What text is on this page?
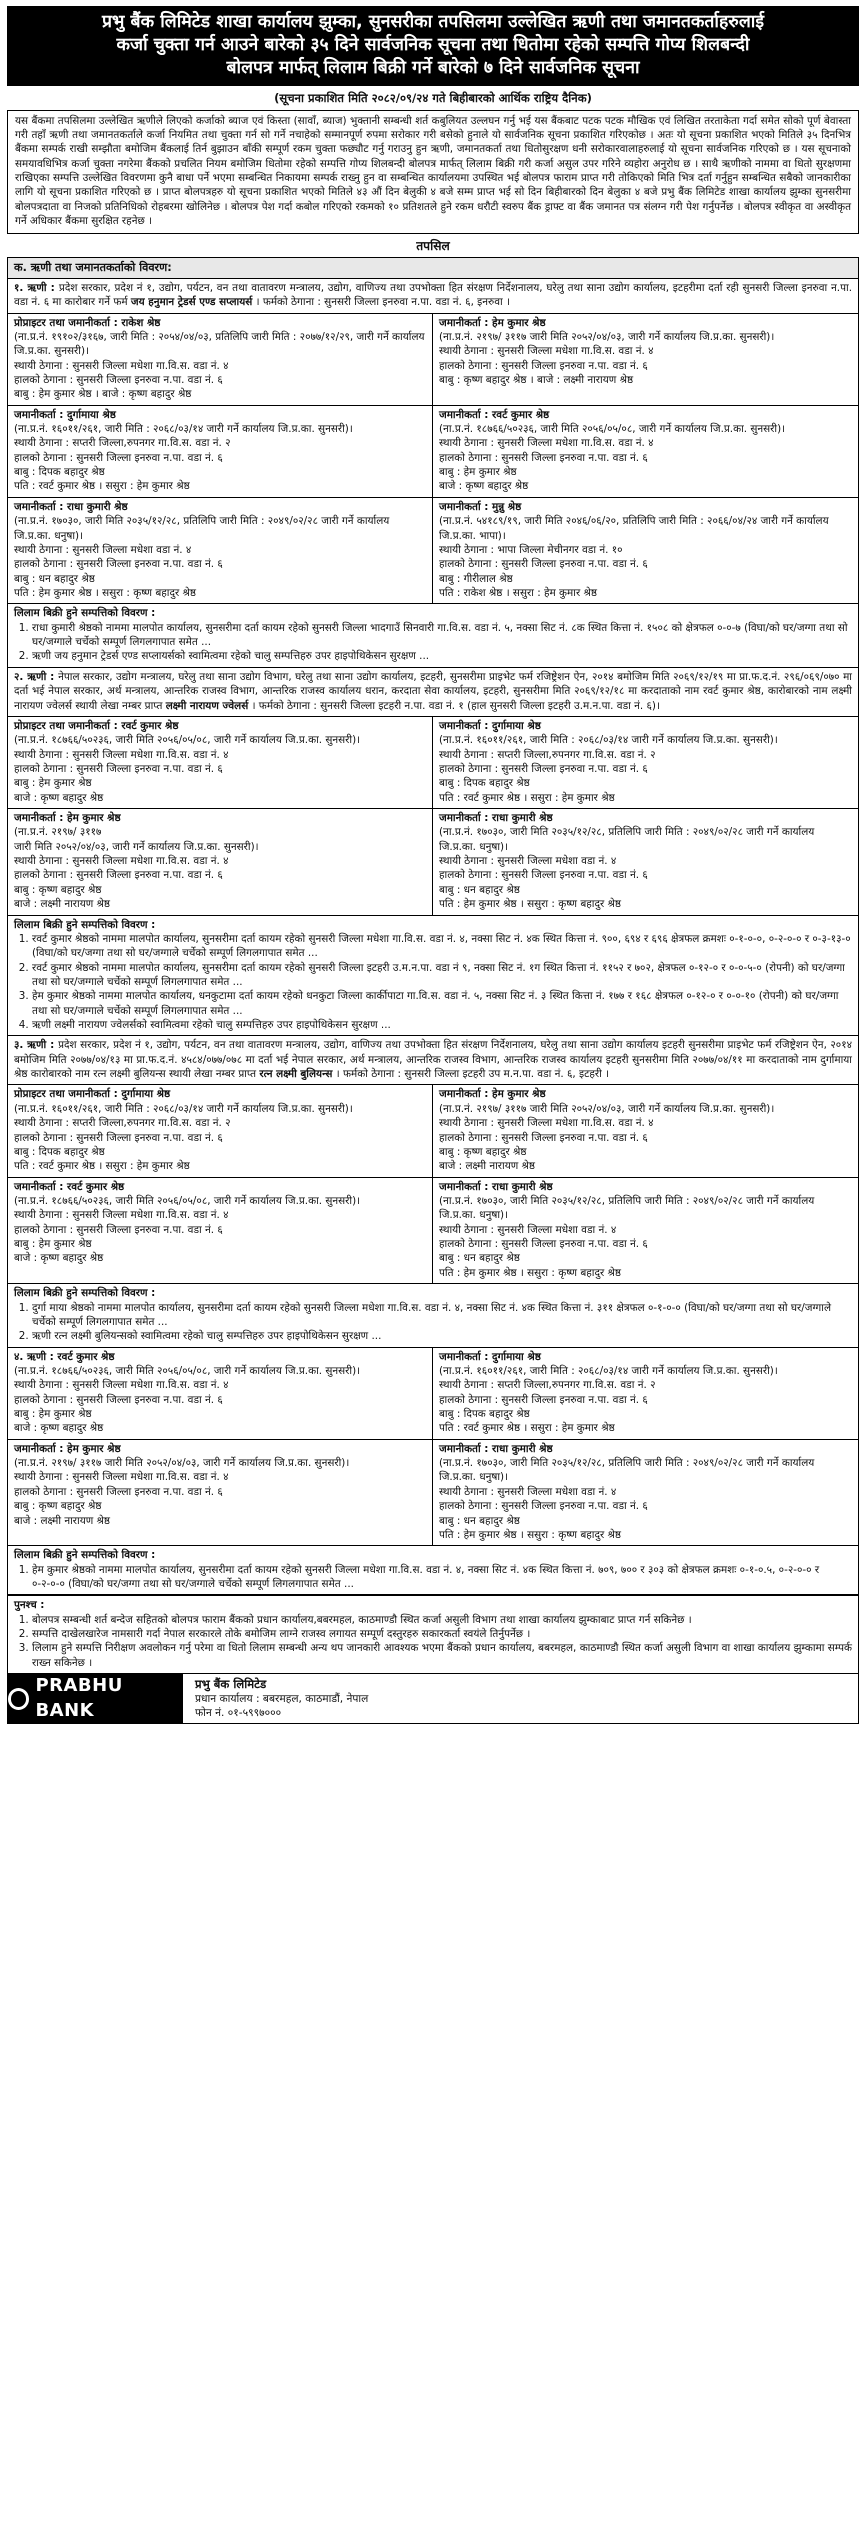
प्रभु बैंक लिमिटेड शाखा कार्यालय झुम्का, सुनसरीका तपसिलमा उल्लेखित ऋणी तथा जमानतकर्ताहरुलाई
कर्जा चुक्ता गर्न आउने बारेको ३५ दिने सार्वजनिक सूचना तथा धितोमा रहेको सम्पत्ति गोप्य शिलबन्दी
बोलपत्र मार्फत् लिलाम बिक्री गर्ने बारेको ७ दिने सार्वजनिक सूचना
(सूचना प्रकाशित मिति २०८२/०९/२४ गते बिहीबारको आर्थिक राष्ट्रिय दैनिक)

यस बैंकमा तपसिलमा उल्लेखित ऋणीले लिएको कर्जाको ब्याज एवं किस्ता (सावाँ, ब्याज) भुक्तानी सम्बन्धी शर्त कबुलियत उल्लघन गर्नु भई यस बैंकबाट पटक पटक मौखिक एवं लिखित तरताकेता गर्दा समेत सोको पूर्ण बेवास्ता गरी तहाँ ऋणी तथा जमानतकर्ताले कर्जा नियमित तथा चुक्ता गर्न सो गर्ने नचाहेको सम्मानपूर्ण रुपमा सरोकार गरी बसेको हुनाले यो सार्वजनिक सूचना प्रकाशित गरिएकोछ । अतः यो सूचना प्रकाशित भएको मितिले ३५ दिनभित्र बैंकमा सम्पर्क राखी सम्झौता बमोजिम बैंकलाई तिर्न बुझाउन बाँकी सम्पूर्ण रकम चुक्ता फछ्यौट गर्नु गराउनु हुन ऋणी, जमानतकर्ता तथा धितोसुरक्षण धनी सरोकारवालाहरुलाई यो सूचना सार्वजनिक गरिएको छ । यस सूचनाको समयावधिभित्र कर्जा चुक्ता नगरेमा बैंकको प्रचलित नियम बमोजिम धितोमा रहेको सम्पत्ति गोप्य शिलबन्दी बोलपत्र मार्फत् लिलाम बिक्री गरी कर्जा असुल उपर गरिने व्यहोरा अनुरोध छ । साथै ऋणीको नाममा वा धितो सुरक्षणमा राखिएका सम्पत्ति उल्लेखित विवरणमा कुनै बाधा पर्ने भएमा सम्बन्धित निकायमा सम्पर्क राख्नु हुन वा सम्बन्धित कार्यालयमा उपस्थित भई बोलपत्र फाराम प्राप्त गरी तोकिएको मिति भित्र दर्ता गर्नुहुन सम्बन्धित सबैको जानकारीका लागि यो सूचना प्रकाशित गरिएको छ । प्राप्त बोलपत्रहरु यो सूचना प्रकाशित भएको मितिले ४३ औं दिन बेलुकी ४ बजे सम्म प्राप्त भई सो दिन बिहीबारको दिन बेलुका ४ बजे प्रभु बैंक लिमिटेड शाखा कार्यालय झुम्का सुनसरीमा बोलपत्रदाता वा निजको प्रतिनिधिको रोहबरमा खोलिनेछ । बोलपत्र पेश गर्दा कबोल गरिएको रकमको १० प्रतिशतले हुने रकम धरौटी स्वरुप बैंक ड्राफ्ट वा बैंक जमानत पत्र संलग्न गरी पेश गर्नुपर्नेछ । बोलपत्र स्वीकृत वा अस्वीकृत गर्ने अधिकार बैंकमा सुरक्षित रहनेछ ।

तपसिल
क. ऋणी तथा जमानतकर्ताको विवरण:
१. ऋणी : प्रदेश सरकार, प्रदेश नं १, उद्योग, पर्यटन, वन तथा वातावरण मन्त्रालय, उद्योग, वाणिज्य तथा उपभोक्ता हित संरक्षण निर्देशनालय, घरेलु तथा साना उद्योग कार्यालय, इटहरीमा दर्ता रही सुनसरी जिल्ला इनरुवा न.पा. वडा नं. ६ मा कारोबार गर्ने फर्म जय हनुमान ट्रेडर्स एण्ड सप्लायर्स । फर्मको ठेगाना : सुनसरी जिल्ला इनरुवा न.पा. वडा नं. ६, इनरुवा ।
प्रोप्राइटर तथा जमानीकर्ता : राकेश श्रेष्ठ
(ना.प्र.नं. १९१०२/३१६७, जारी मिति : २०५४/०४/०३, प्रतिलिपि जारी मिति : २०७७/१२/२९, जारी गर्ने कार्यालय जि.प्र.का. सुनसरी)।
स्थायी ठेगाना : सुनसरी जिल्ला मधेशा गा.वि.स. वडा नं. ४
हालको ठेगाना : सुनसरी जिल्ला इनरुवा न.पा. वडा नं. ६
बाबु : हेम कुमार श्रेष्ठ । बाजे : कृष्ण बहादुर श्रेष्ठ
जमानीकर्ता : हेम कुमार श्रेष्ठ
(ना.प्र.नं. २१९७/ ३११७ जारी मिति २०५२/०४/०३, जारी गर्ने कार्यालय जि.प्र.का. सुनसरी)।
स्थायी ठेगाना : सुनसरी जिल्ला मधेशा गा.वि.स. वडा नं. ४
हालको ठेगाना : सुनसरी जिल्ला इनरुवा न.पा. वडा नं. ६
बाबु : कृष्ण बहादुर श्रेष्ठ । बाजे : लक्ष्मी नारायण श्रेष्ठ
जमानीकर्ता : दुर्गामाया श्रेष्ठ
(ना.प्र.नं. १६०११/२६१, जारी मिति : २०६८/०३/१४ जारी गर्ने कार्यालय जि.प्र.का. सुनसरी)।
स्थायी ठेगाना : सप्तरी जिल्ला,रुपनगर गा.वि.स. वडा नं. २
हालको ठेगाना : सुनसरी जिल्ला इनरुवा न.पा. वडा नं. ६
बाबु : दिपक बहादुर श्रेष्ठ
पति : रवर्ट कुमार श्रेष्ठ । ससुरा : हेम कुमार श्रेष्ठ
जमानीकर्ता : रवर्ट कुमार श्रेष्ठ
(ना.प्र.नं. १८७६६/५०२३६, जारी मिति २०५६/०५/०८, जारी गर्ने कार्यालय जि.प्र.का. सुनसरी)।
स्थायी ठेगाना : सुनसरी जिल्ला मधेशा गा.वि.स. वडा नं. ४
हालको ठेगाना : सुनसरी जिल्ला इनरुवा न.पा. वडा नं. ६
बाबु : हेम कुमार श्रेष्ठ
बाजे : कृष्ण बहादुर श्रेष्ठ
जमानीकर्ता : राधा कुमारी श्रेष्ठ
(ना.प्र.नं. १७०३०, जारी मिति २०३५/१२/२८, प्रतिलिपि जारी मिति : २०४९/०२/२८ जारी गर्ने कार्यालय जि.प्र.का. धनुषा)।
स्थायी ठेगाना : सुनसरी जिल्ला मधेशा वडा नं. ४
हालको ठेगाना : सुनसरी जिल्ला इनरुवा न.पा. वडा नं. ६
बाबु : धन बहादुर श्रेष्ठ
पति : हेम कुमार श्रेष्ठ । ससुरा : कृष्ण बहादुर श्रेष्ठ
जमानीकर्ता : मुन्नु श्रेष्ठ
(ना.प्र.नं. ५४१८९/१९, जारी मिति २०४६/०६/२०, प्रतिलिपि जारी मिति : २०६६/०४/२४ जारी गर्ने कार्यालय जि.प्र.का. भापा)।
स्थायी ठेगाना : भापा जिल्ला मेचीनगर वडा नं. १०
हालको ठेगाना : सुनसरी जिल्ला इनरुवा न.पा. वडा नं. ६
बाबु : गीरीलाल श्रेष्ठ
पति : राकेश श्रेष्ठ । ससुरा : हेम कुमार श्रेष्ठ
लिलाम बिक्री हुने सम्पत्तिको विवरण :
1. राधा कुमारी श्रेष्ठको नाममा मालपोत कार्यालय, सुनसरीमा दर्ता कायम रहेको सुनसरी जिल्ला भादगाउँ सिनवारी गा.वि.स. वडा नं. ५, नक्सा सिट नं. ८क स्थित कित्ता नं. १५०८ को क्षेत्रफल ०-०-७ (विघा/को घर/जग्गा तथा सो घर/जग्गाले चर्चेको सम्पूर्ण लिगलगापात समेत ...
2. ऋणी जय हनुमान ट्रेडर्स एण्ड सप्लायर्सको स्वामित्वमा रहेको चालु सम्पत्तिहरु उपर हाइपोथिकेसन सुरक्षण ...
२. ऋणी : नेपाल सरकार, उद्योग मन्त्रालय, घरेलु तथा साना उद्योग विभाग, घरेलु तथा साना उद्योग कार्यालय, इटहरी, सुनसरीमा प्राइभेट फर्म रजिष्ट्रेशन ऐन, २०१४ बमोजिम मिति २०६९/१२/१९ मा प्रा.फ.द.नं. २९६/०६९/०७० मा दर्ता भई नेपाल सरकार, अर्थ मन्त्रालय, आन्तरिक राजस्व विभाग, आन्तरिक राजस्व कार्यालय धरान, करदाता सेवा कार्यालय, इटहरी, सुनसरीमा मिति २०६९/१२/१८ मा करदाताको नाम रवर्ट कुमार श्रेष्ठ, कारोबारको नाम लक्ष्मी नारायण ज्वेलर्स स्थायी लेखा नम्बर प्राप्त लक्ष्मी नारायण ज्वेलर्स । फर्मको ठेगाना : सुनसरी जिल्ला इटहरी न.पा. वडा नं. १ (हाल सुनसरी जिल्ला इटहरी उ.म.न.पा. वडा नं. ६)।
प्रोप्राइटर तथा जमानीकर्ता : रवर्ट कुमार श्रेष्ठ
(ना.प्र.नं. १८७६६/५०२३६, जारी मिति २०५६/०५/०८, जारी गर्ने कार्यालय जि.प्र.का. सुनसरी)।
स्थायी ठेगाना : सुनसरी जिल्ला मधेशा गा.वि.स. वडा नं. ४
हालको ठेगाना : सुनसरी जिल्ला इनरुवा न.पा. वडा नं. ६
बाबु : हेम कुमार श्रेष्ठ
बाजे : कृष्ण बहादुर श्रेष्ठ
जमानीकर्ता : दुर्गामाया श्रेष्ठ
(ना.प्र.नं. १६०११/२६१, जारी मिति : २०६८/०३/१४ जारी गर्ने कार्यालय जि.प्र.का. सुनसरी)।
स्थायी ठेगाना : सप्तरी जिल्ला,रुपनगर गा.वि.स. वडा नं. २
हालको ठेगाना : सुनसरी जिल्ला इनरुवा न.पा. वडा नं. ६
बाबु : दिपक बहादुर श्रेष्ठ
पति : रवर्ट कुमार श्रेष्ठ । ससुरा : हेम कुमार श्रेष्ठ
जमानीकर्ता : हेम कुमार श्रेष्ठ
(ना.प्र.नं. २१९७/ ३११७
जारी मिति २०५२/०४/०३, जारी गर्ने कार्यालय जि.प्र.का. सुनसरी)।
स्थायी ठेगाना : सुनसरी जिल्ला मधेशा गा.वि.स. वडा नं. ४
हालको ठेगाना : सुनसरी जिल्ला इनरुवा न.पा. वडा नं. ६
बाबु : कृष्ण बहादुर श्रेष्ठ
बाजे : लक्ष्मी नारायण श्रेष्ठ
जमानीकर्ता : राधा कुमारी श्रेष्ठ
(ना.प्र.नं. १७०३०, जारी मिति २०३५/१२/२८, प्रतिलिपि जारी मिति : २०४९/०२/२८ जारी गर्ने कार्यालय जि.प्र.का. धनुषा)।
स्थायी ठेगाना : सुनसरी जिल्ला मधेशा वडा नं. ४
हालको ठेगाना : सुनसरी जिल्ला इनरुवा न.पा. वडा नं. ६
बाबु : धन बहादुर श्रेष्ठ
पति : हेम कुमार श्रेष्ठ । ससुरा : कृष्ण बहादुर श्रेष्ठ
लिलाम बिक्री हुने सम्पत्तिको विवरण :
1. रवर्ट कुमार श्रेष्ठको नाममा मालपोत कार्यालय, सुनसरीमा दर्ता कायम रहेको सुनसरी जिल्ला मधेशा गा.वि.स. वडा नं. ४, नक्सा सिट नं. ४क स्थित कित्ता नं. ९००, ६९४ र ६९६ क्षेत्रफल क्रमशः ०-१-०-०, ०-२-०-० र ०-३-१३-० (विघा/को घर/जग्गा तथा सो घर/जग्गाले चर्चेको सम्पूर्ण लिगलगापात समेत ...
2. रवर्ट कुमार श्रेष्ठको नाममा मालपोत कार्यालय, सुनसरीमा दर्ता कायम रहेको सुनसरी जिल्ला इटहरी उ.म.न.पा. वडा नं ९, नक्सा सिट नं. १ग स्थित कित्ता नं. ११५२ र ७०२, क्षेत्रफल ०-१२-० र ०-०-५-० (रोपनी) को घर/जग्गा तथा सो घर/जग्गाले चर्चेको सम्पूर्ण लिगलगापात समेत ...
3. हेम कुमार श्रेष्ठको नाममा मालपोत कार्यालय, धनकुटामा दर्ता कायम रहेको धनकुटा जिल्ला कार्कीपाटा गा.वि.स. वडा नं. ५, नक्सा सिट नं. ३ स्थित कित्ता नं. १७७ र १६८ क्षेत्रफल ०-१२-० र ०-०-१० (रोपनी) को घर/जग्गा तथा सो घर/जग्गाले चर्चेको सम्पूर्ण लिगलगापात समेत ...
4. ऋणी लक्ष्मी नारायण ज्वेलर्सको स्वामित्वमा रहेको चालु सम्पत्तिहरु उपर हाइपोथिकेसन सुरक्षण ...
३. ऋणी : प्रदेश सरकार, प्रदेश नं १, उद्योग, पर्यटन, वन तथा वातावरण मन्त्रालय, उद्योग, वाणिज्य तथा उपभोक्ता हित संरक्षण निर्देशनालय, घरेलु तथा साना उद्योग कार्यालय इटहरी सुनसरीमा प्राइभेट फर्म रजिष्ट्रेशन ऐन, २०१४ बमोजिम मिति २०७७/०४/१३ मा प्रा.फ.द.नं. ४५८४/०७७/०७८ मा दर्ता भई नेपाल सरकार, अर्थ मन्त्रालय, आन्तरिक राजस्व विभाग, आन्तरिक राजस्व कार्यालय इटहरी सुनसरीमा मिति २०७७/०४/११ मा करदाताको नाम दुर्गामाया श्रेष्ठ कारोबारको नाम रत्न लक्ष्मी बुलियन्स स्थायी लेखा नम्बर प्राप्त रत्न लक्ष्मी बुलियन्स । फर्मको ठेगाना : सुनसरी जिल्ला इटहरी उप म.न.पा. वडा नं. ६, इटहरी ।
प्रोप्राइटर तथा जमानीकर्ता : दुर्गामाया श्रेष्ठ
(ना.प्र.नं. १६०११/२६१, जारी मिति : २०६८/०३/१४ जारी गर्ने कार्यालय जि.प्र.का. सुनसरी)।
स्थायी ठेगाना : सप्तरी जिल्ला,रुपनगर गा.वि.स. वडा नं. २
हालको ठेगाना : सुनसरी जिल्ला इनरुवा न.पा. वडा नं. ६
बाबु : दिपक बहादुर श्रेष्ठ
पति : रवर्ट कुमार श्रेष्ठ । ससुरा : हेम कुमार श्रेष्ठ
जमानीकर्ता : हेम कुमार श्रेष्ठ
(ना.प्र.नं. २१९७/ ३११७ जारी मिति २०५२/०४/०३, जारी गर्ने कार्यालय जि.प्र.का. सुनसरी)।
स्थायी ठेगाना : सुनसरी जिल्ला मधेशा गा.वि.स. वडा नं. ४
हालको ठेगाना : सुनसरी जिल्ला इनरुवा न.पा. वडा नं. ६
बाबु : कृष्ण बहादुर श्रेष्ठ
बाजे : लक्ष्मी नारायण श्रेष्ठ
जमानीकर्ता : रवर्ट कुमार श्रेष्ठ
(ना.प्र.नं. १८७६६/५०२३६, जारी मिति २०५६/०५/०८, जारी गर्ने कार्यालय जि.प्र.का. सुनसरी)।
स्थायी ठेगाना : सुनसरी जिल्ला मधेशा गा.वि.स. वडा नं. ४
हालको ठेगाना : सुनसरी जिल्ला इनरुवा न.पा. वडा नं. ६
बाबु : हेम कुमार श्रेष्ठ
बाजे : कृष्ण बहादुर श्रेष्ठ
जमानीकर्ता : राधा कुमारी श्रेष्ठ
(ना.प्र.नं. १७०३०, जारी मिति २०३५/१२/२८, प्रतिलिपि जारी मिति : २०४९/०२/२८ जारी गर्ने कार्यालय जि.प्र.का. धनुषा)।
स्थायी ठेगाना : सुनसरी जिल्ला मधेशा वडा नं. ४
हालको ठेगाना : सुनसरी जिल्ला इनरुवा न.पा. वडा नं. ६
बाबु : धन बहादुर श्रेष्ठ
पति : हेम कुमार श्रेष्ठ । ससुरा : कृष्ण बहादुर श्रेष्ठ
लिलाम बिक्री हुने सम्पत्तिको विवरण :
1. दुर्गा माया श्रेष्ठको नाममा मालपोत कार्यालय, सुनसरीमा दर्ता कायम रहेको सुनसरी जिल्ला मधेशा गा.वि.स. वडा नं. ४, नक्सा सिट नं. ४क स्थित कित्ता नं. ३११ क्षेत्रफल ०-१-०-० (विघा/को घर/जग्गा तथा सो घर/जग्गाले चर्चेको सम्पूर्ण लिगलगापात समेत ...
2. ऋणी रत्न लक्ष्मी बुलियन्सको स्वामित्वमा रहेको चालु सम्पत्तिहरु उपर हाइपोथिकेसन सुरक्षण ...
४. ऋणी : रवर्ट कुमार श्रेष्ठ
(ना.प्र.नं. १८७६६/५०२३६, जारी मिति २०५६/०५/०८, जारी गर्ने कार्यालय जि.प्र.का. सुनसरी)।
स्थायी ठेगाना : सुनसरी जिल्ला मधेशा गा.वि.स. वडा नं. ४
हालको ठेगाना : सुनसरी जिल्ला इनरुवा न.पा. वडा नं. ६
बाबु : हेम कुमार श्रेष्ठ
बाजे : कृष्ण बहादुर श्रेष्ठ
जमानीकर्ता : दुर्गामाया श्रेष्ठ
(ना.प्र.नं. १६०११/२६१, जारी मिति : २०६८/०३/१४ जारी गर्ने कार्यालय जि.प्र.का. सुनसरी)।
स्थायी ठेगाना : सप्तरी जिल्ला,रुपनगर गा.वि.स. वडा नं. २
हालको ठेगाना : सुनसरी जिल्ला इनरुवा न.पा. वडा नं. ६
बाबु : दिपक बहादुर श्रेष्ठ
पति : रवर्ट कुमार श्रेष्ठ । ससुरा : हेम कुमार श्रेष्ठ
जमानीकर्ता : हेम कुमार श्रेष्ठ
(ना.प्र.नं. २१९७/ ३११७ जारी मिति २०५२/०४/०३, जारी गर्ने कार्यालय जि.प्र.का. सुनसरी)।
स्थायी ठेगाना : सुनसरी जिल्ला मधेशा गा.वि.स. वडा नं. ४
हालको ठेगाना : सुनसरी जिल्ला इनरुवा न.पा. वडा नं. ६
बाबु : कृष्ण बहादुर श्रेष्ठ
बाजे : लक्ष्मी नारायण श्रेष्ठ
जमानीकर्ता : राधा कुमारी श्रेष्ठ
(ना.प्र.नं. १७०३०, जारी मिति २०३५/१२/२८, प्रतिलिपि जारी मिति : २०४९/०२/२८ जारी गर्ने कार्यालय जि.प्र.का. धनुषा)।
स्थायी ठेगाना : सुनसरी जिल्ला मधेशा वडा नं. ४
हालको ठेगाना : सुनसरी जिल्ला इनरुवा न.पा. वडा नं. ६
बाबु : धन बहादुर श्रेष्ठ
पति : हेम कुमार श्रेष्ठ । ससुरा : कृष्ण बहादुर श्रेष्ठ
लिलाम बिक्री हुने सम्पत्तिको विवरण :
1. हेम कुमार श्रेष्ठको नाममा मालपोत कार्यालय, सुनसरीमा दर्ता कायम रहेको सुनसरी जिल्ला मधेशा गा.वि.स. वडा नं. ४, नक्सा सिट नं. ४क स्थित कित्ता नं. ७०९, ७०० र ३०३ को क्षेत्रफल क्रमशः ०-१-०.५, ०-२-०-० र ०-२-०-० (विघा/को घर/जग्गा तथा सो घर/जग्गाले चर्चेको सम्पूर्ण लिगलगापात समेत ...
पुनश्च :
1. बोलपत्र सम्बन्धी शर्त बन्देज सहितको बोलपत्र फाराम बैंकको प्रधान कार्यालय,बबरमहल, काठमाण्डौ स्थित कर्जा असुली विभाग तथा शाखा कार्यालय झुम्काबाट प्राप्त गर्न सकिनेछ ।
2. सम्पत्ति दाखेलखारेज नामसारी गर्दा नेपाल सरकारले तोके बमोजिम लाग्ने राजस्व लगायत सम्पूर्ण दस्तुरहरु सकारकर्ता स्वयंले तिर्नुपर्नेछ ।
3. लिलाम हुने सम्पत्ति निरीक्षण अवलोकन गर्नु परेमा वा धितो लिलाम सम्बन्धी अन्य थप जानकारी आवश्यक भएमा बैंकको प्रधान कार्यालय, बबरमहल, काठमाण्डौ स्थित कर्जा असुली विभाग वा शाखा कार्यालय झुम्कामा सम्पर्क राख्न सकिनेछ ।
PRABHU BANK
प्रभु बैंक लिमिटेड
प्रधान कार्यालय : बबरमहल, काठमाडौं, नेपाल
फोन नं. ०१-५९९७०००
